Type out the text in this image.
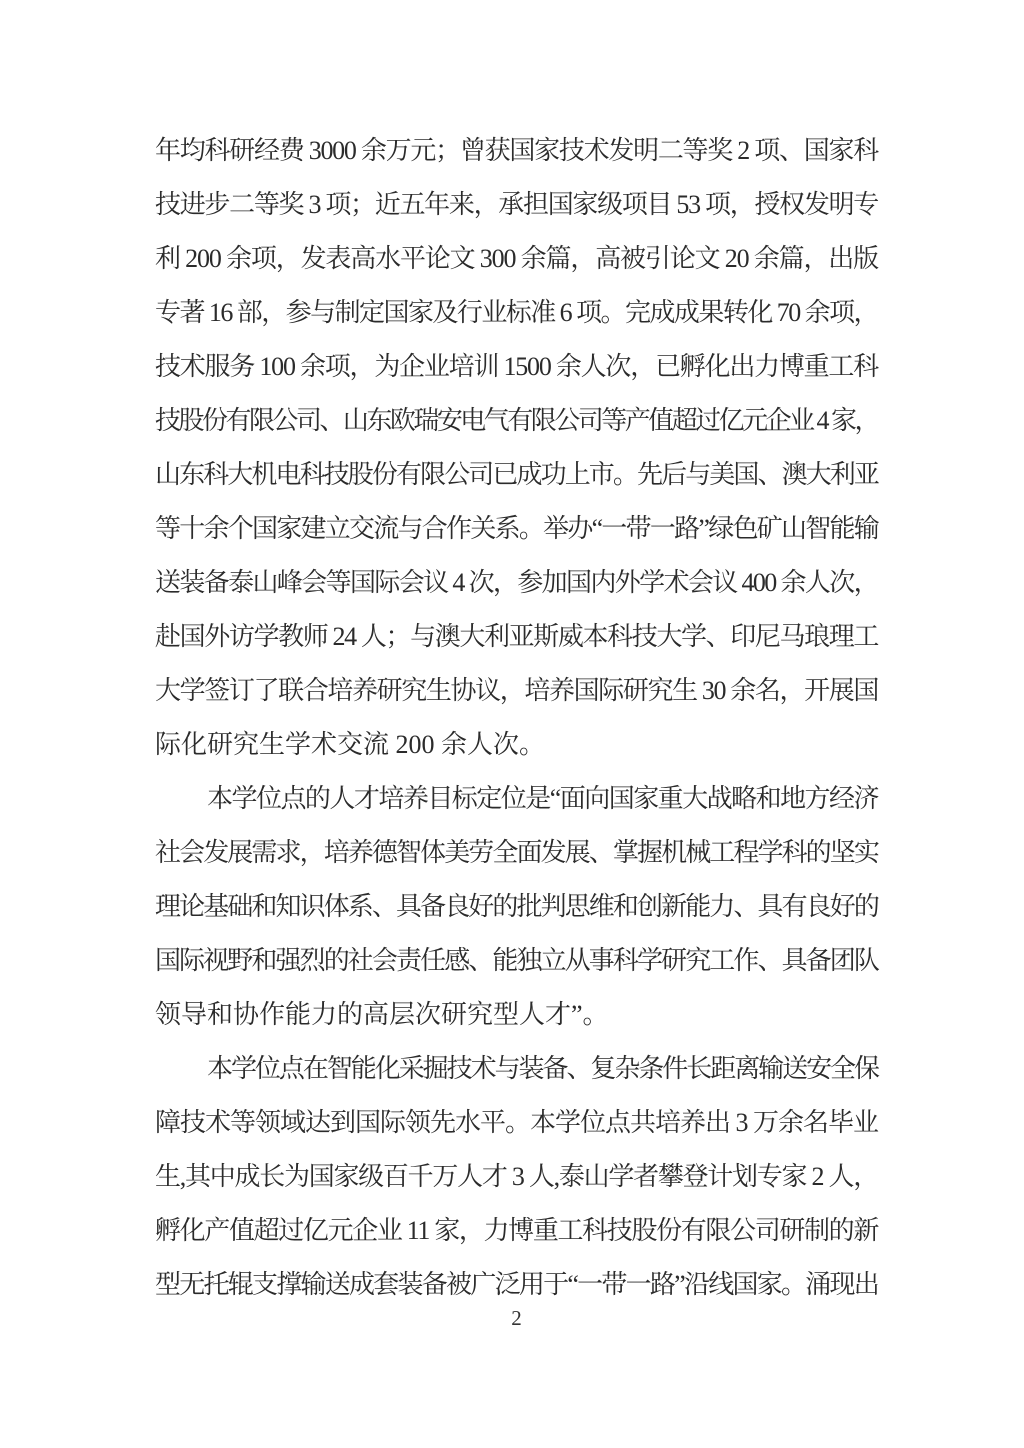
年均科研经费 3000 余万元；曾获国家技术发明二等奖 2 项、国家科
技进步二等奖 3 项；近五年来，承担国家级项目 53 项，授权发明专
利 200 余项，发表高水平论文 300 余篇，高被引论文 20 余篇，出版
专著 16 部，参与制定国家及行业标准 6 项。完成成果转化 70 余项，
技术服务 100 余项，为企业培训 1500 余人次，已孵化出力博重工科
技股份有限公司、山东欧瑞安电气有限公司等产值超过亿元企业 4 家，
山东科大机电科技股份有限公司已成功上市。先后与美国、澳大利亚
等十余个国家建立交流与合作关系。举办“一带一路”绿色矿山智能输
送装备泰山峰会等国际会议 4 次，参加国内外学术会议 400 余人次，
赴国外访学教师 24 人；与澳大利亚斯威本科技大学、印尼马琅理工
大学签订了联合培养研究生协议，培养国际研究生 30 余名，开展国
际化研究生学术交流 200 余人次。
本学位点的人才培养目标定位是“面向国家重大战略和地方经济
社会发展需求，培养德智体美劳全面发展、掌握机械工程学科的坚实
理论基础和知识体系、具备良好的批判思维和创新能力、具有良好的
国际视野和强烈的社会责任感、能独立从事科学研究工作、具备团队
领导和协作能力的高层次研究型人才”。
本学位点在智能化采掘技术与装备、复杂条件长距离输送安全保
障技术等领域达到国际领先水平。本学位点共培养出 3 万余名毕业
生,其中成长为国家级百千万人才 3 人,泰山学者攀登计划专家 2 人，
孵化产值超过亿元企业 11 家，力博重工科技股份有限公司研制的新
型无托辊支撑输送成套装备被广泛用于“一带一路”沿线国家。涌现出
2
